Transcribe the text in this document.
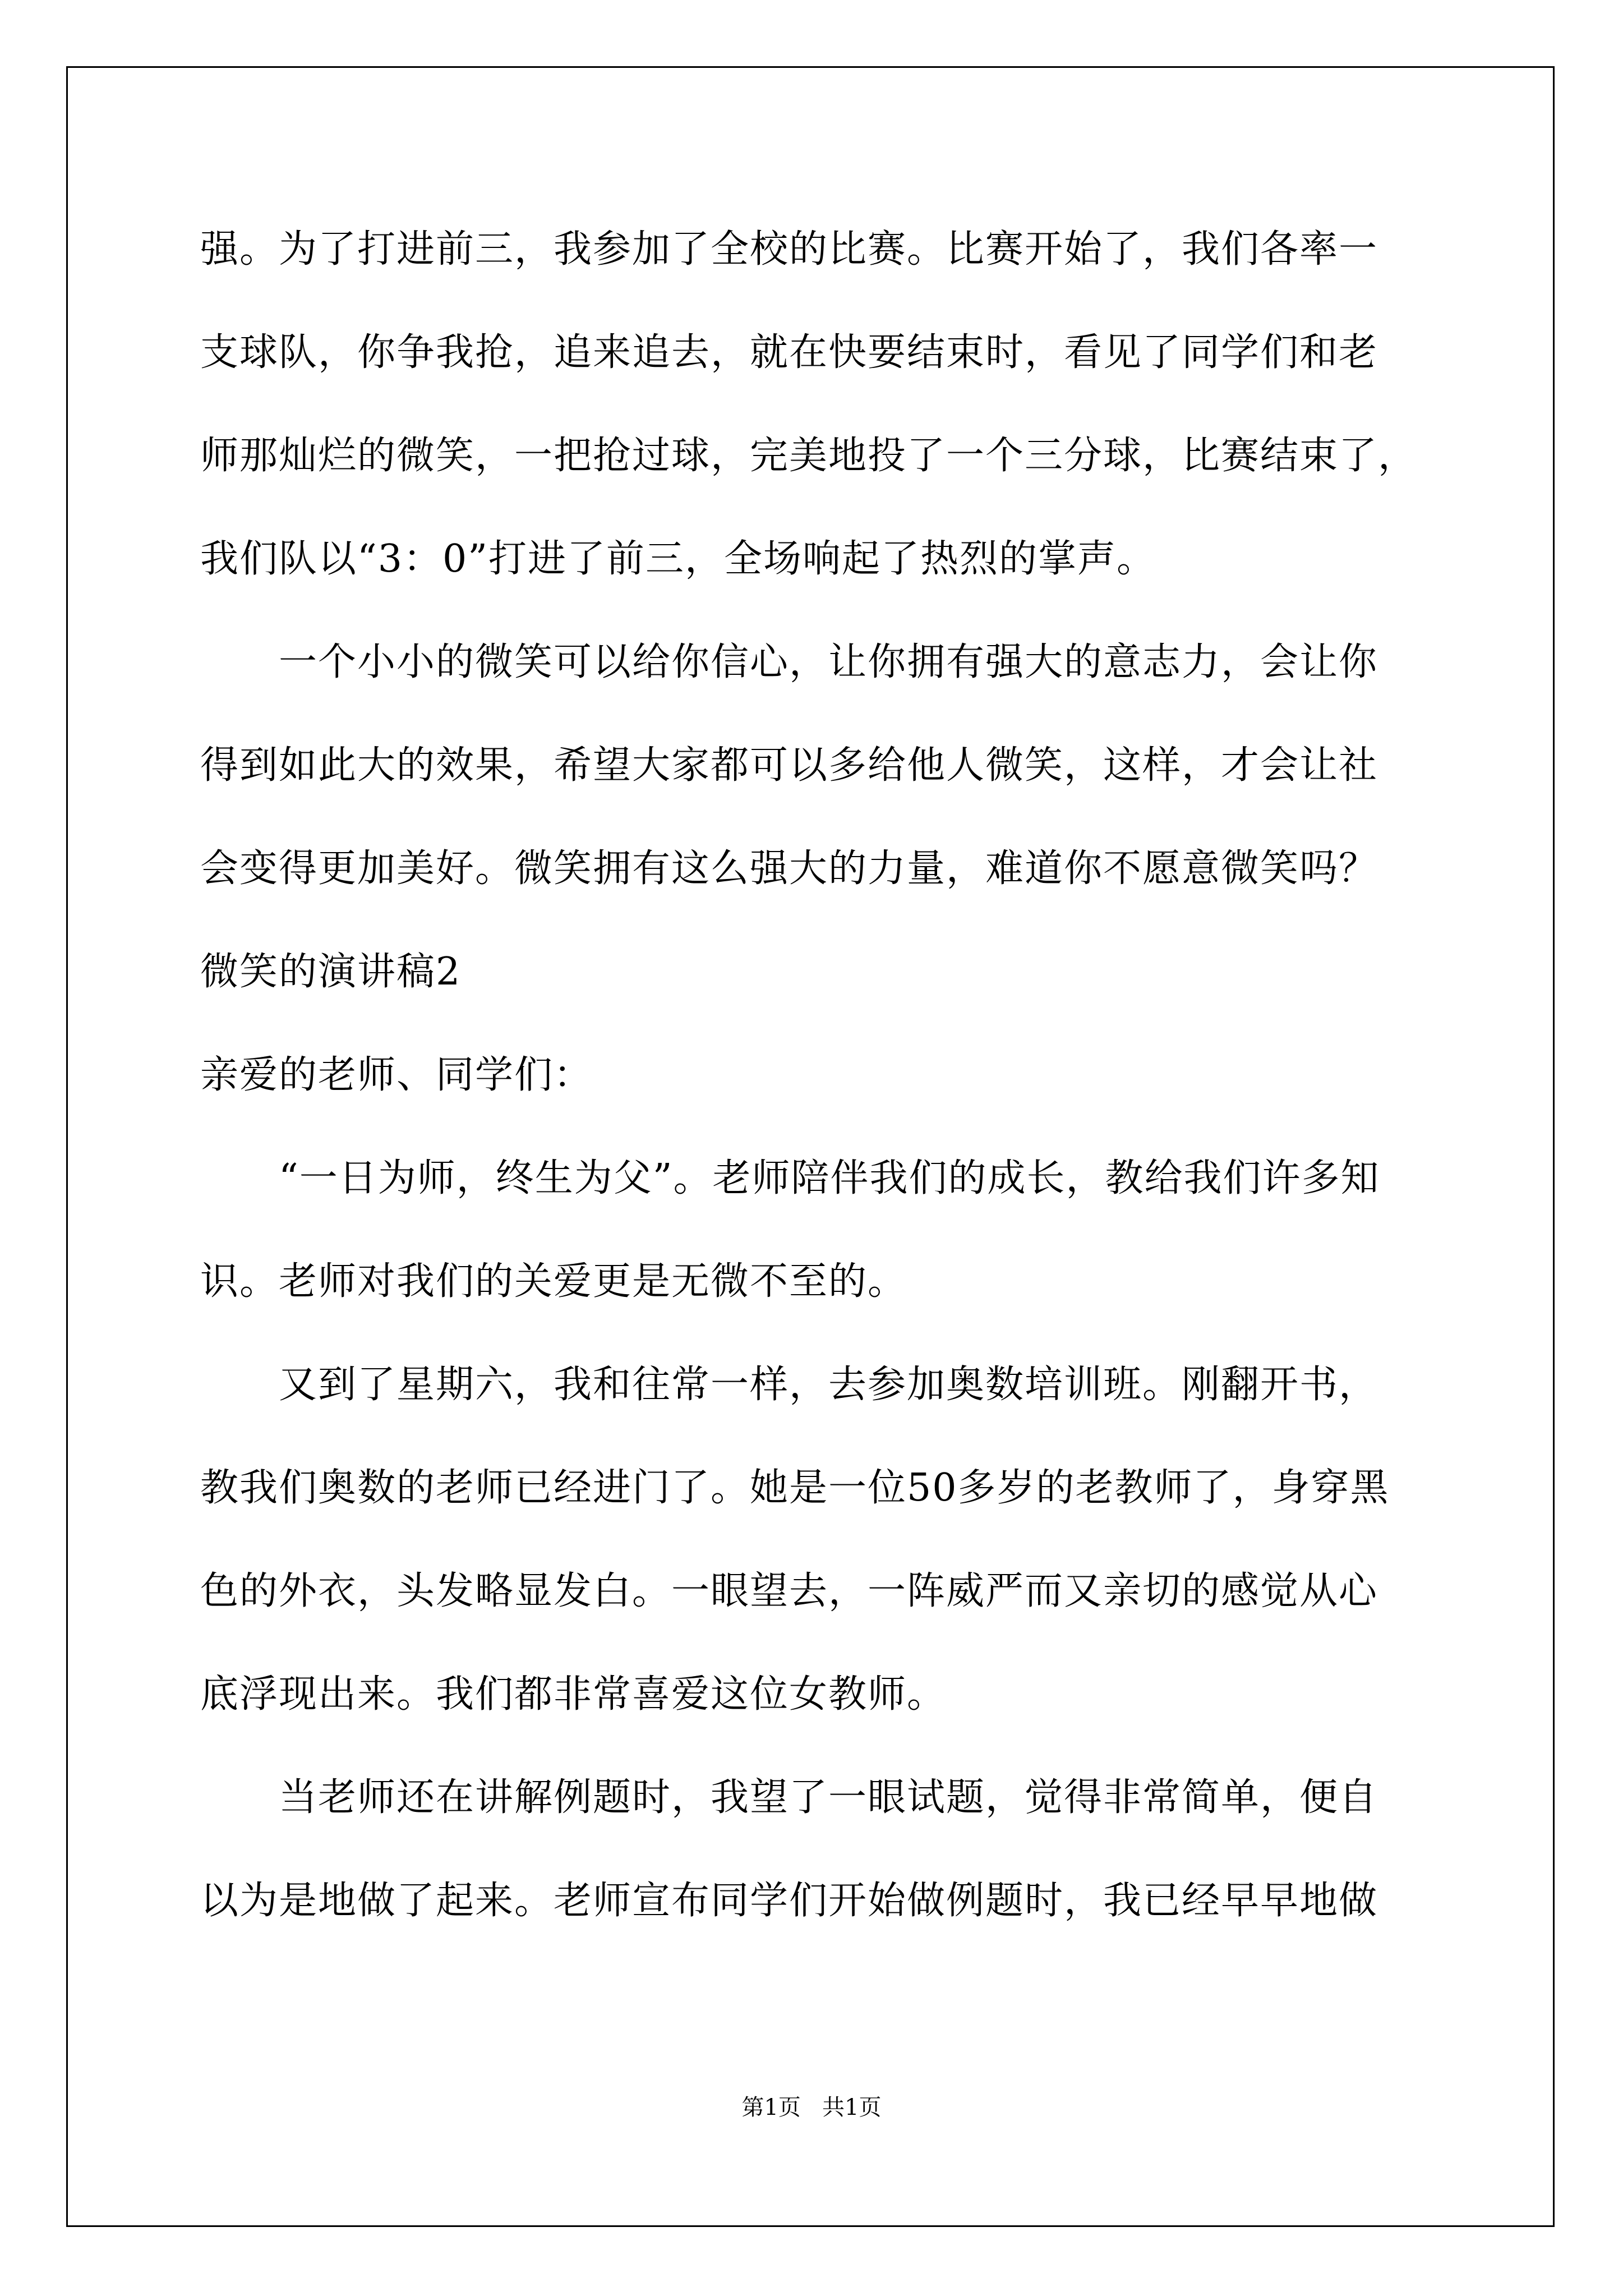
强。为了打进前三，我参加了全校的比赛。比赛开始了，我们各率一
支球队，你争我抢，追来追去，就在快要结束时，看见了同学们和老
师那灿烂的微笑，一把抢过球，完美地投了一个三分球，比赛结束了，
我们队以“3：0”打进了前三，全场响起了热烈的掌声。
一个小小的微笑可以给你信心，让你拥有强大的意志力，会让你
得到如此大的效果，希望大家都可以多给他人微笑，这样，才会让社
会变得更加美好。微笑拥有这么强大的力量，难道你不愿意微笑吗？
微笑的演讲稿2
亲爱的老师、同学们：
“一日为师，终生为父”。老师陪伴我们的成长，教给我们许多知
识。老师对我们的关爱更是无微不至的。
又到了星期六，我和往常一样，去参加奥数培训班。刚翻开书，
教我们奥数的老师已经进门了。她是一位50多岁的老教师了，身穿黑
色的外衣，头发略显发白。一眼望去，一阵威严而又亲切的感觉从心
底浮现出来。我们都非常喜爱这位女教师。
当老师还在讲解例题时，我望了一眼试题，觉得非常简单，便自
以为是地做了起来。老师宣布同学们开始做例题时，我已经早早地做
第1页   共1页
